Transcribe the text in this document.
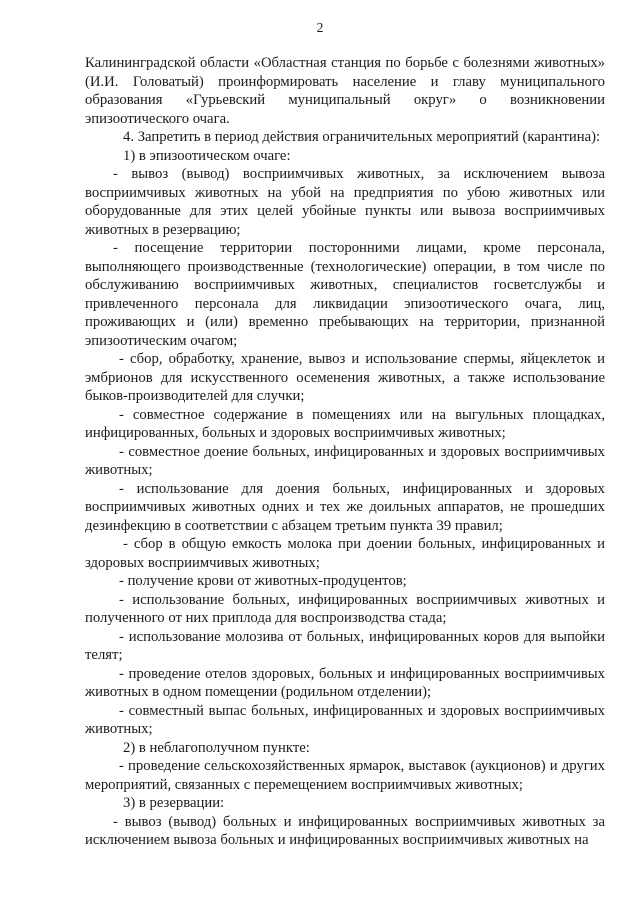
2

Калининградской области «Областная станция по борьбе с болезнями животных» (И.И. Головатый) проинформировать население и главу муниципального образования «Гурьевский муниципальный округ» о возникновении эпизоотического очага.

4. Запретить в период действия ограничительных мероприятий (карантина):

1) в эпизоотическом очаге:

- вывоз (вывод) восприимчивых животных, за исключением вывоза восприимчивых животных на убой на предприятия по убою животных или оборудованные для этих целей убойные пункты или вывоза восприимчивых животных в резервацию;

- посещение территории посторонними лицами, кроме персонала, выполняющего производственные (технологические) операции, в том числе по обслуживанию восприимчивых животных, специалистов госветслужбы и привлеченного персонала для ликвидации эпизоотического очага, лиц, проживающих и (или) временно пребывающих на территории, признанной эпизоотическим очагом;

- сбор, обработку, хранение, вывоз и использование спермы, яйцеклеток и эмбрионов для искусственного осеменения животных, а также использование быков-производителей для случки;

- совместное содержание в помещениях или на выгульных площадках, инфицированных, больных и здоровых восприимчивых животных;

- совместное доение больных, инфицированных и здоровых восприимчивых животных;

- использование для доения больных, инфицированных и здоровых восприимчивых животных одних и тех же доильных аппаратов, не прошедших дезинфекцию в соответствии с абзацем третьим пункта 39 правил;

- сбор в общую емкость молока при доении больных, инфицированных и здоровых восприимчивых животных;

- получение крови от животных-продуцентов;

- использование больных, инфицированных восприимчивых животных и полученного от них приплода для воспроизводства стада;

- использование молозива от больных, инфицированных коров для выпойки телят;

- проведение отелов здоровых, больных и инфицированных восприимчивых животных в одном помещении (родильном отделении);

- совместный выпас больных, инфицированных и здоровых восприимчивых животных;

2) в неблагополучном пункте:

- проведение сельскохозяйственных ярмарок, выставок (аукционов) и других мероприятий, связанных с перемещением восприимчивых животных;

3) в резервации:

- вывоз (вывод) больных и инфицированных восприимчивых животных за исключением вывоза больных и инфицированных восприимчивых животных на
